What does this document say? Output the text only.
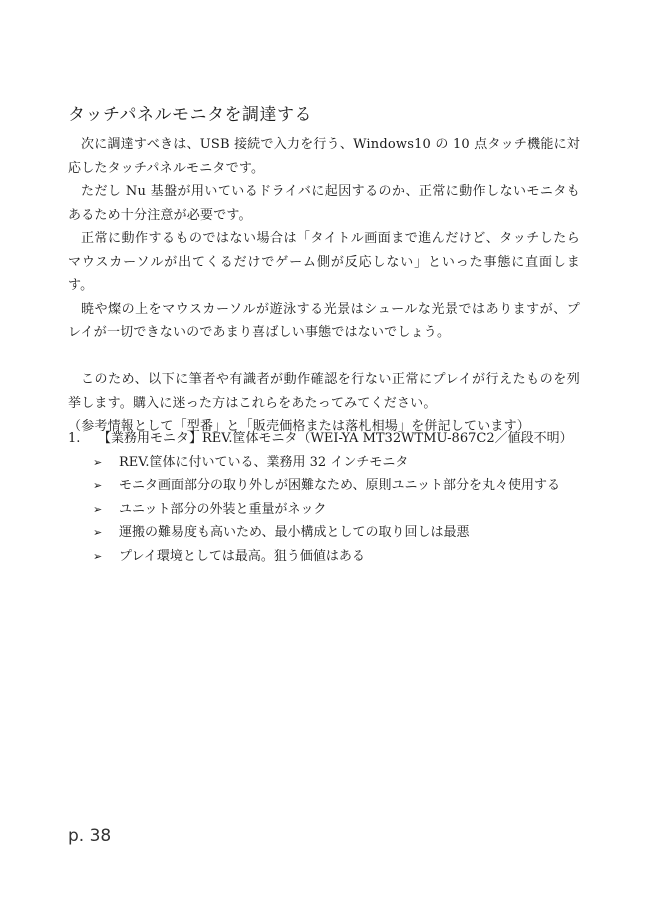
タッチパネルモニタを調達する

次に調達すべきは、USB 接続で入力を行う、Windows10 の 10 点タッチ機能に対応したタッチパネルモニタです。

ただし Nu 基盤が用いているドライバに起因するのか、正常に動作しないモニタもあるため十分注意が必要です。

正常に動作するものではない場合は「タイトル画面まで進んだけど、タッチしたらマウスカーソルが出てくるだけでゲーム側が反応しない」といった事態に直面します。

暁や燦の上をマウスカーソルが遊泳する光景はシュールな光景ではありますが、プレイが一切できないのであまり喜ばしい事態ではないでしょう。

このため、以下に筆者や有識者が動作確認を行ない正常にプレイが行えたものを列挙します。購入に迷った方はこれらをあたってみてください。

（参考情報として「型番」と「販売価格または落札相場」を併記しています）

1.	【業務用モニタ】REV.筐体モニタ（WEI-YA MT32WTMU-867C2／値段不明）
➢	REV.筐体に付いている、業務用 32 インチモニタ
➢	モニタ画面部分の取り外しが困難なため、原則ユニット部分を丸々使用する
➢	ユニット部分の外装と重量がネック
➢	運搬の難易度も高いため、最小構成としての取り回しは最悪
➢	プレイ環境としては最高。狙う価値はある
p. 38
